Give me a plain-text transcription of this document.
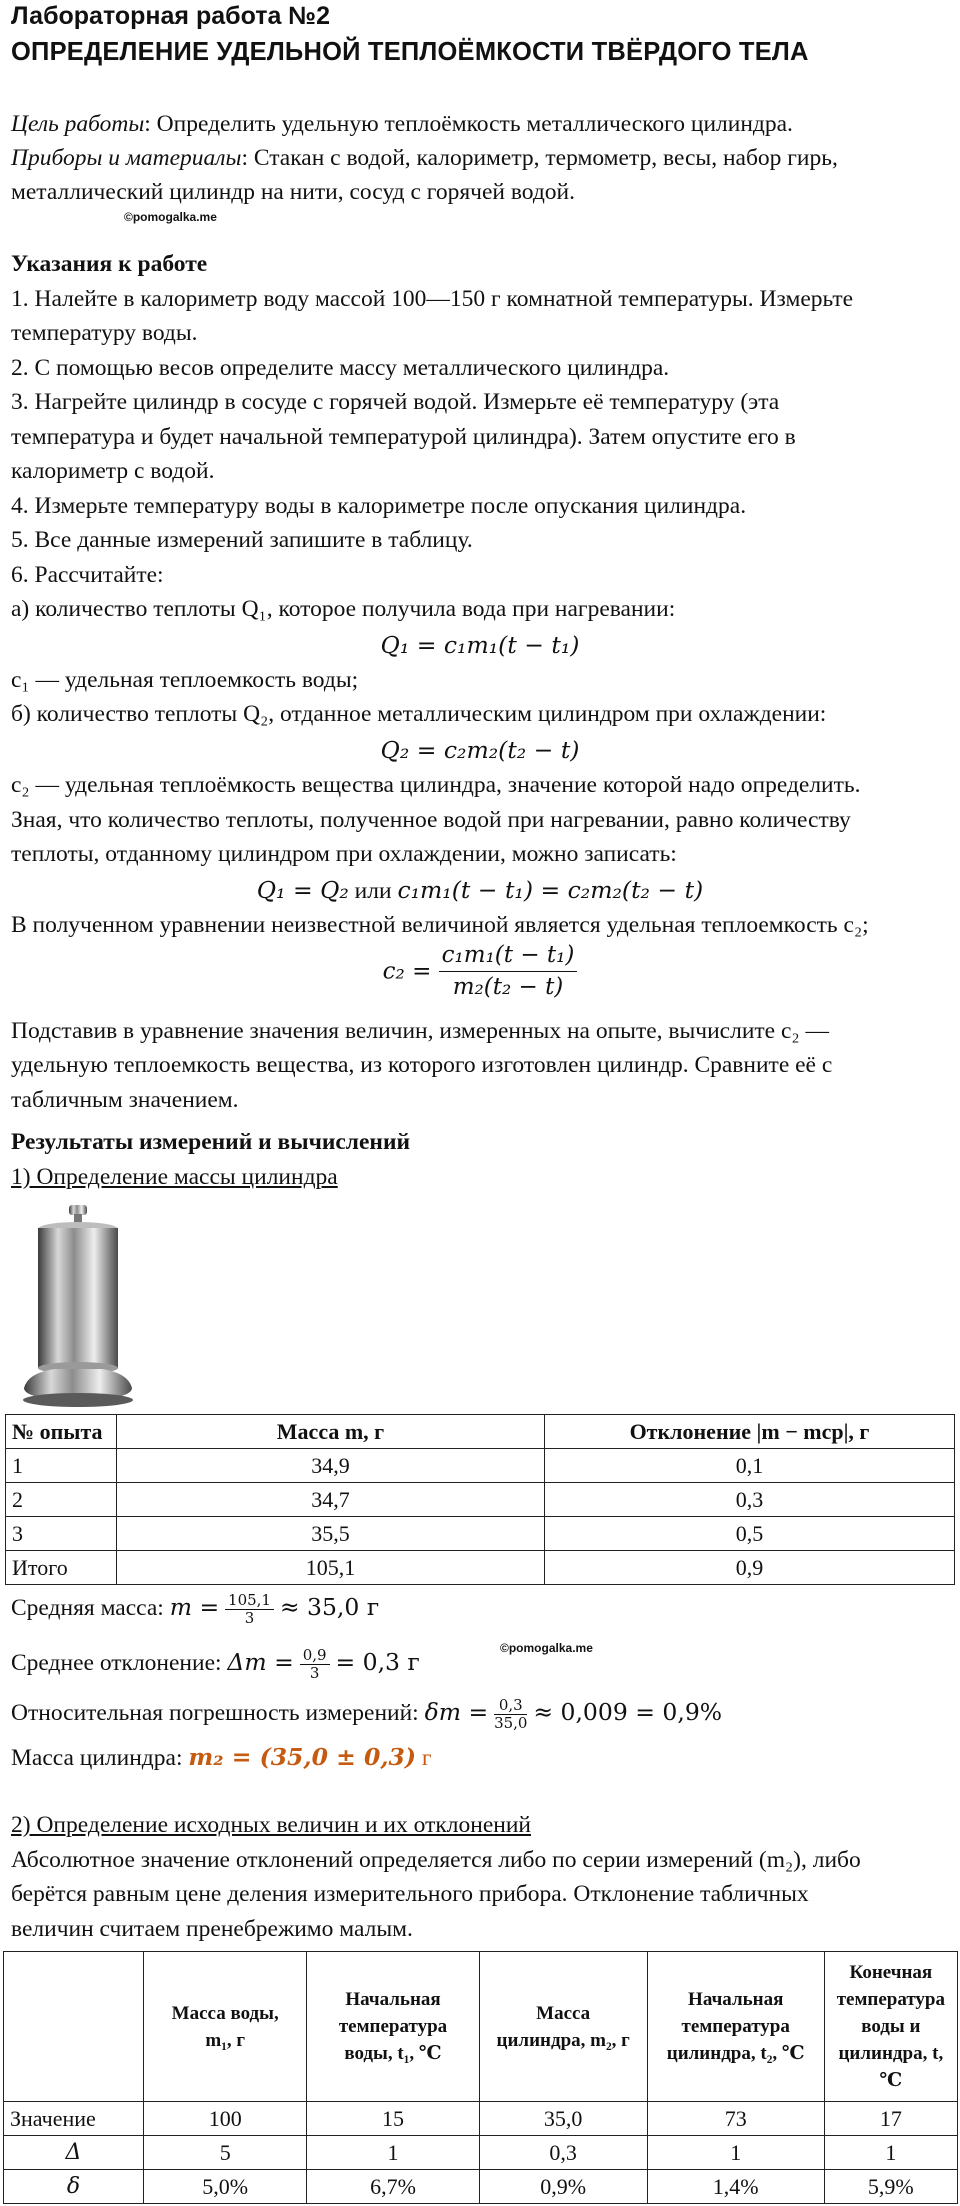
Лабораторная работа №2
ОПРЕДЕЛЕНИЕ УДЕЛЬНОЙ ТЕПЛОЁМКОСТИ ТВЁРДОГО ТЕЛА
Цель работы: Определить удельную теплоёмкость металлического цилиндра.
Приборы и материалы: Стакан с водой, калориметр, термометр, весы, набор гирь,
металлический цилиндр на нити, сосуд с горячей водой.
©pomogalka.me
Указания к работе
1. Налейте в калориметр воду массой 100—150 г комнатной температуры. Измерьте
температуру воды.
2. С помощью весов определите массу металлического цилиндра.
3. Нагрейте цилиндр в сосуде с горячей водой. Измерьте её температуру (эта
температура и будет начальной температурой цилиндра). Затем опустите его в
калориметр с водой.
4. Измерьте температуру воды в калориметре после опускания цилиндра.
5. Все данные измерений запишите в таблицу.
6. Рассчитайте:
а) количество теплоты Q₁, которое получила вода при нагревании:
Q₁ = c₁m₁(t − t₁)
c₁ — удельная теплоемкость воды;
б) количество теплоты Q₂, отданное металлическим цилиндром при охлаждении:
Q₂ = c₂m₂(t₂ − t)
c₂ — удельная теплоёмкость вещества цилиндра, значение которой надо определить.
Зная, что количество теплоты, полученное водой при нагревании, равно количеству
теплоты, отданному цилиндром при охлаждении, можно записать:
Q₁ = Q₂ или c₁m₁(t − t₁) = c₂m₂(t₂ − t)
В полученном уравнении неизвестной величиной является удельная теплоемкость c₂;
$c_2 = \frac{\text{c₁m₁(t − t₁)}}{\text{m₂(t₂ − t)}}$
Подставив в уравнение значения величин, измеренных на опыте, вычислите c₂ —
удельную теплоемкость вещества, из которого изготовлен цилиндр. Сравните её с
табличным значением.
Результаты измерений и вычислений
1) Определение массы цилиндра
№ опыта	Масса m, г	Отклонение |m − mср|, г
1	34,9	0,1
2	34,7	0,3
3	35,5	0,5
Итого	105,1	0,9
Средняя масса: $m = \frac{105,1}{3} \approx 35,0$ г
©pomogalka.me
Среднее отклонение: $\Delta m = \frac{0,9}{3} = 0,3$ г
Относительная погрешность измерений: $\delta m = \frac{0,3}{35,0} \approx 0,009 = 0,9\%$
Масса цилиндра: m₂ = (35,0 ± 0,3) г
2) Определение исходных величин и их отклонений
Абсолютное значение отклонений определяется либо по серии измерений (m₂), либо
берётся равным цене деления измерительного прибора. Отклонение табличных
величин считаем пренебрежимо малым.
	Масса воды, m₁, г	Начальная температура воды, t₁, ℃	Масса цилиндра, m₂, г	Начальная температура цилиндра, t₂, ℃	Конечная температура воды и цилиндра, t, ℃
Значение	100	15	35,0	73	17
Δ	5	1	0,3	1	1
δ	5,0%	6,7%	0,9%	1,4%	5,9%
